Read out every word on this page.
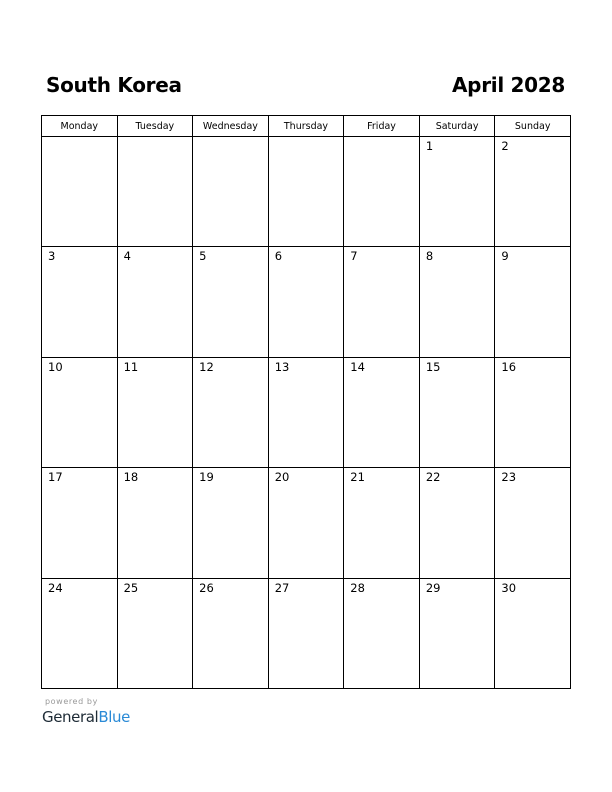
South Korea	April 2028
Monday	Tuesday	Wednesday	Thursday	Friday	Saturday	Sunday

					1	2

3	4	5	6	7	8	9

10	11	12	13	14	15	16

17	18	19	20	21	22	23

24	25	26	27	28	29	30
powered by
GeneralBlue
